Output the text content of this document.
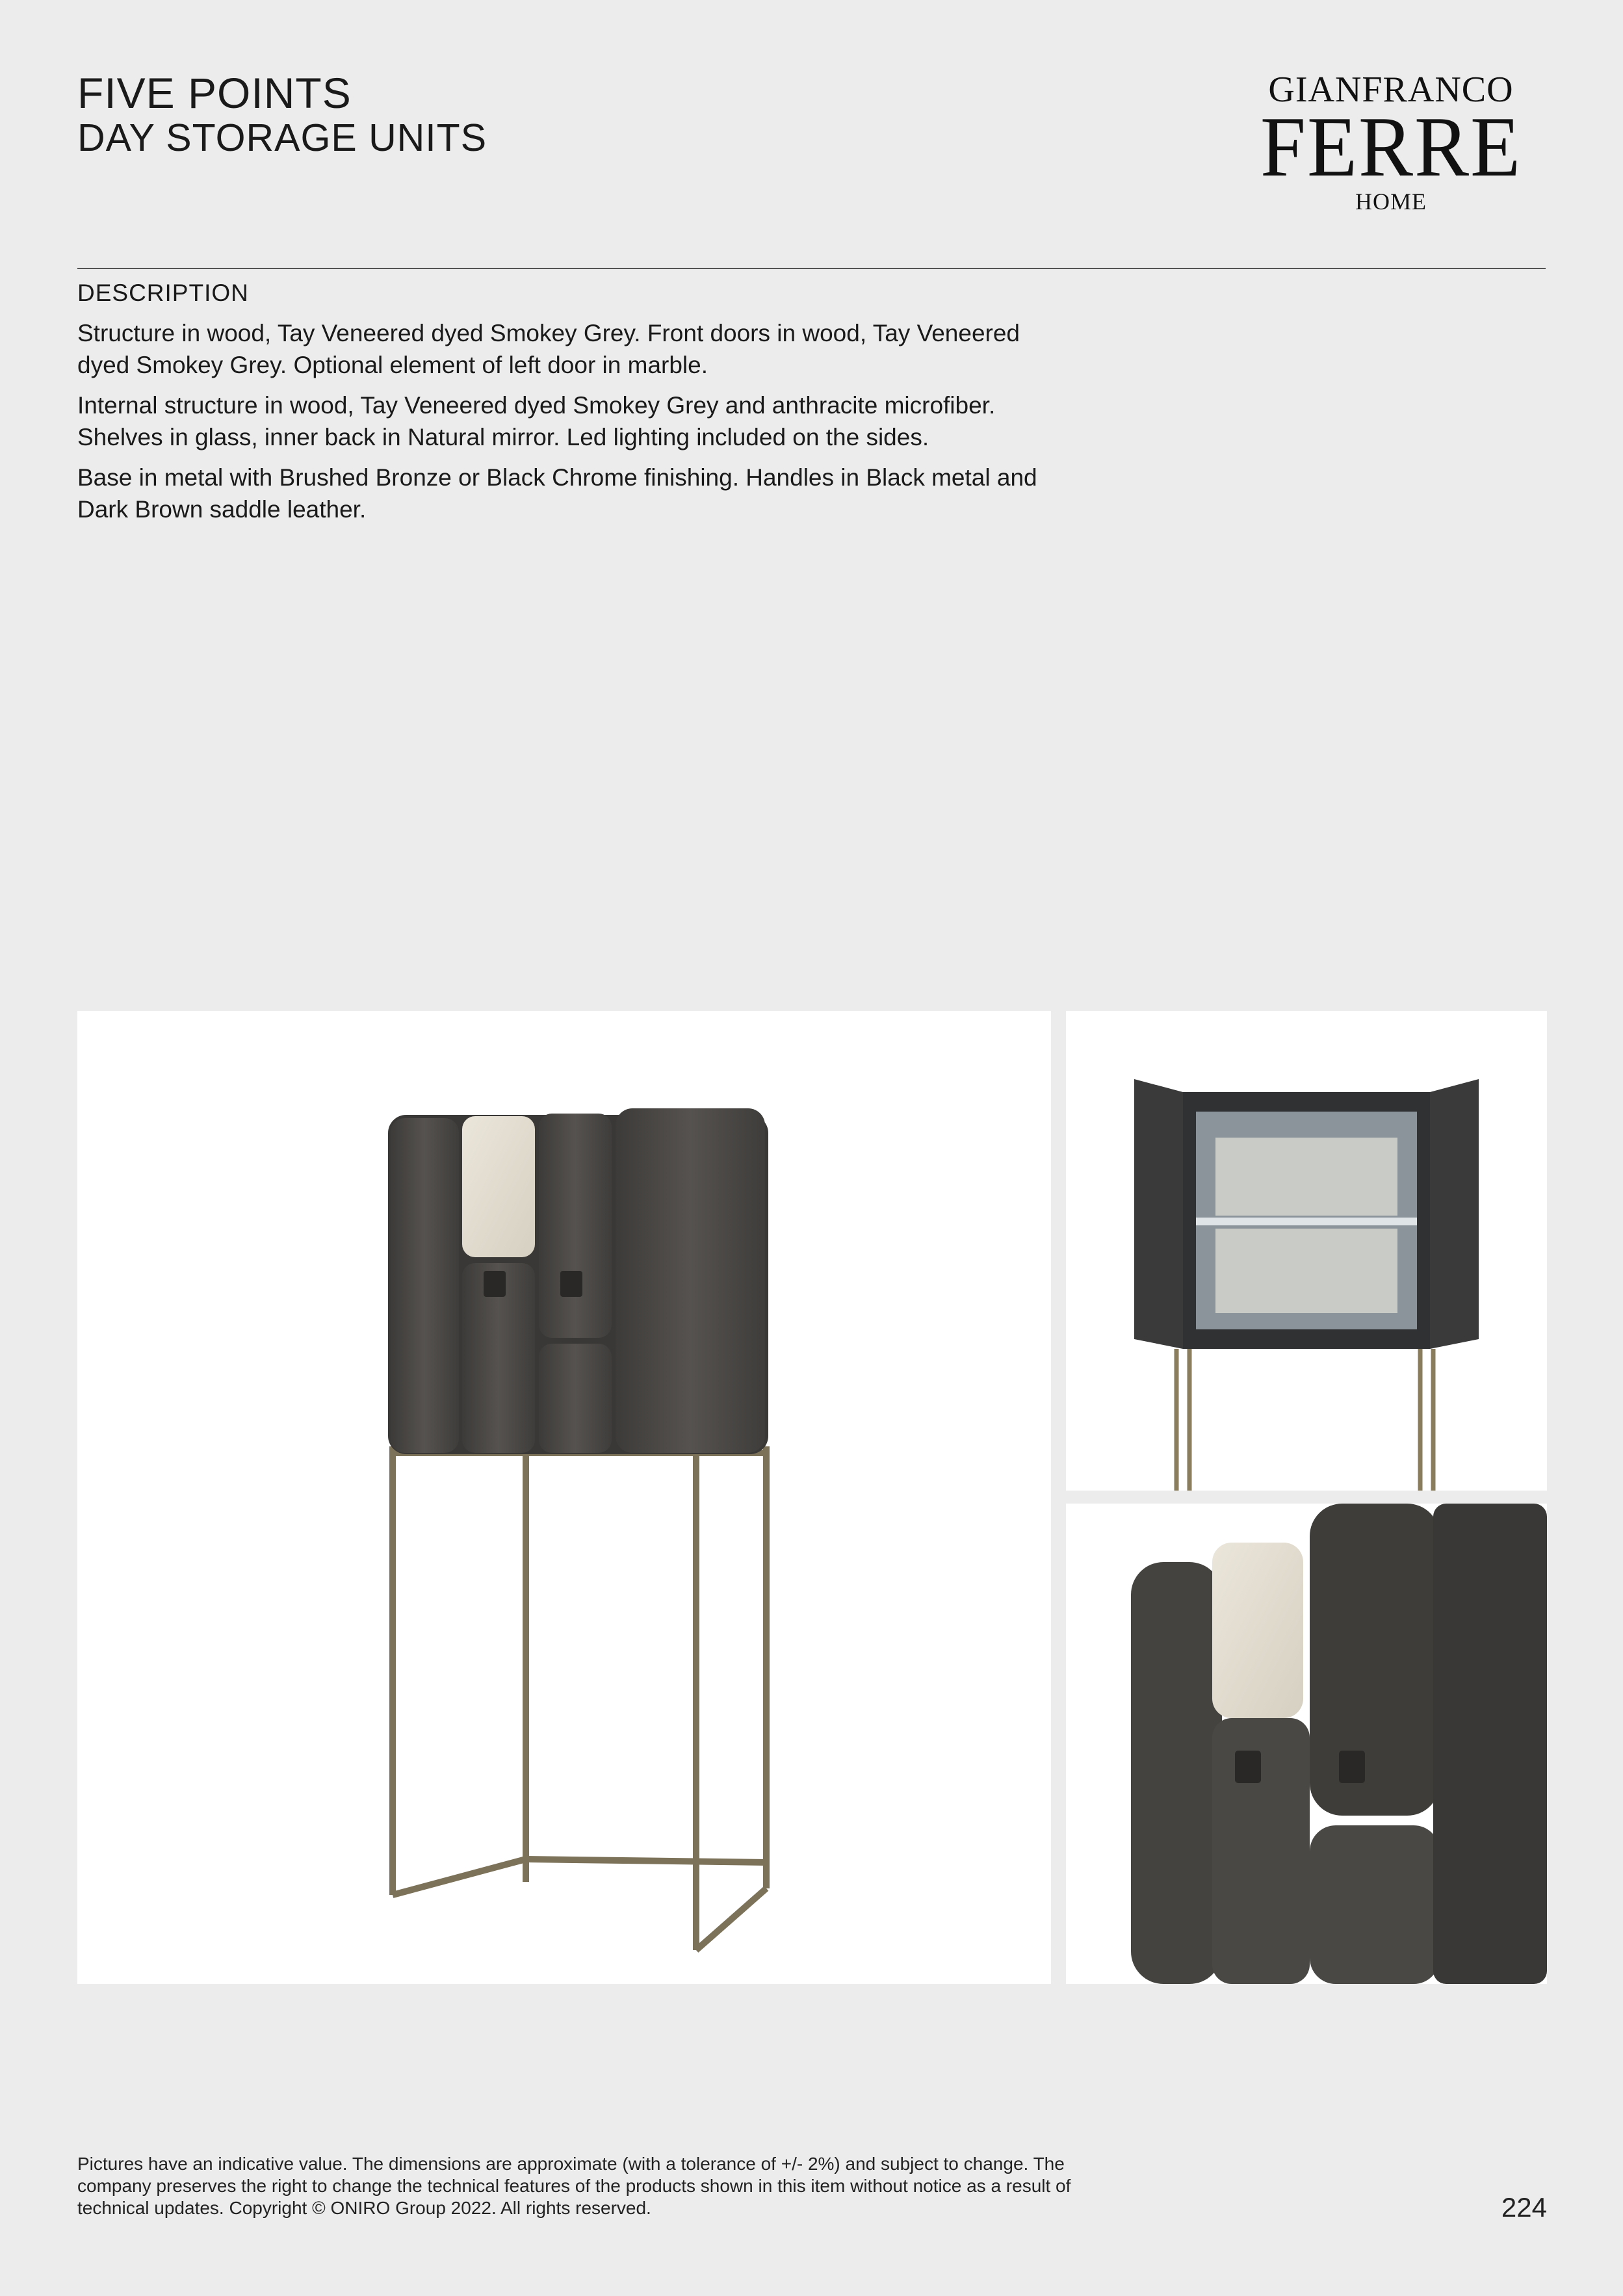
FIVE POINTS
DAY STORAGE UNITS
GIANFRANCO
FERRE
HOME
DESCRIPTION

Structure in wood, Tay Veneered dyed Smokey Grey. Front doors in wood, Tay Veneered dyed Smokey Grey. Optional element of left door in marble.

Internal structure in wood, Tay Veneered dyed Smokey Grey and anthracite microfiber. Shelves in glass, inner back in Natural mirror. Led lighting included on the sides.

Base in metal with Brushed Bronze or Black Chrome finishing. Handles in Black metal and Dark Brown saddle leather.

Pictures have an indicative value. The dimensions are approximate (with a tolerance of +/- 2%) and subject to change. The company preserves the right to change the technical features of the products shown in this item without notice as a result of technical updates. Copyright © ONIRO Group 2022. All rights reserved.	224
